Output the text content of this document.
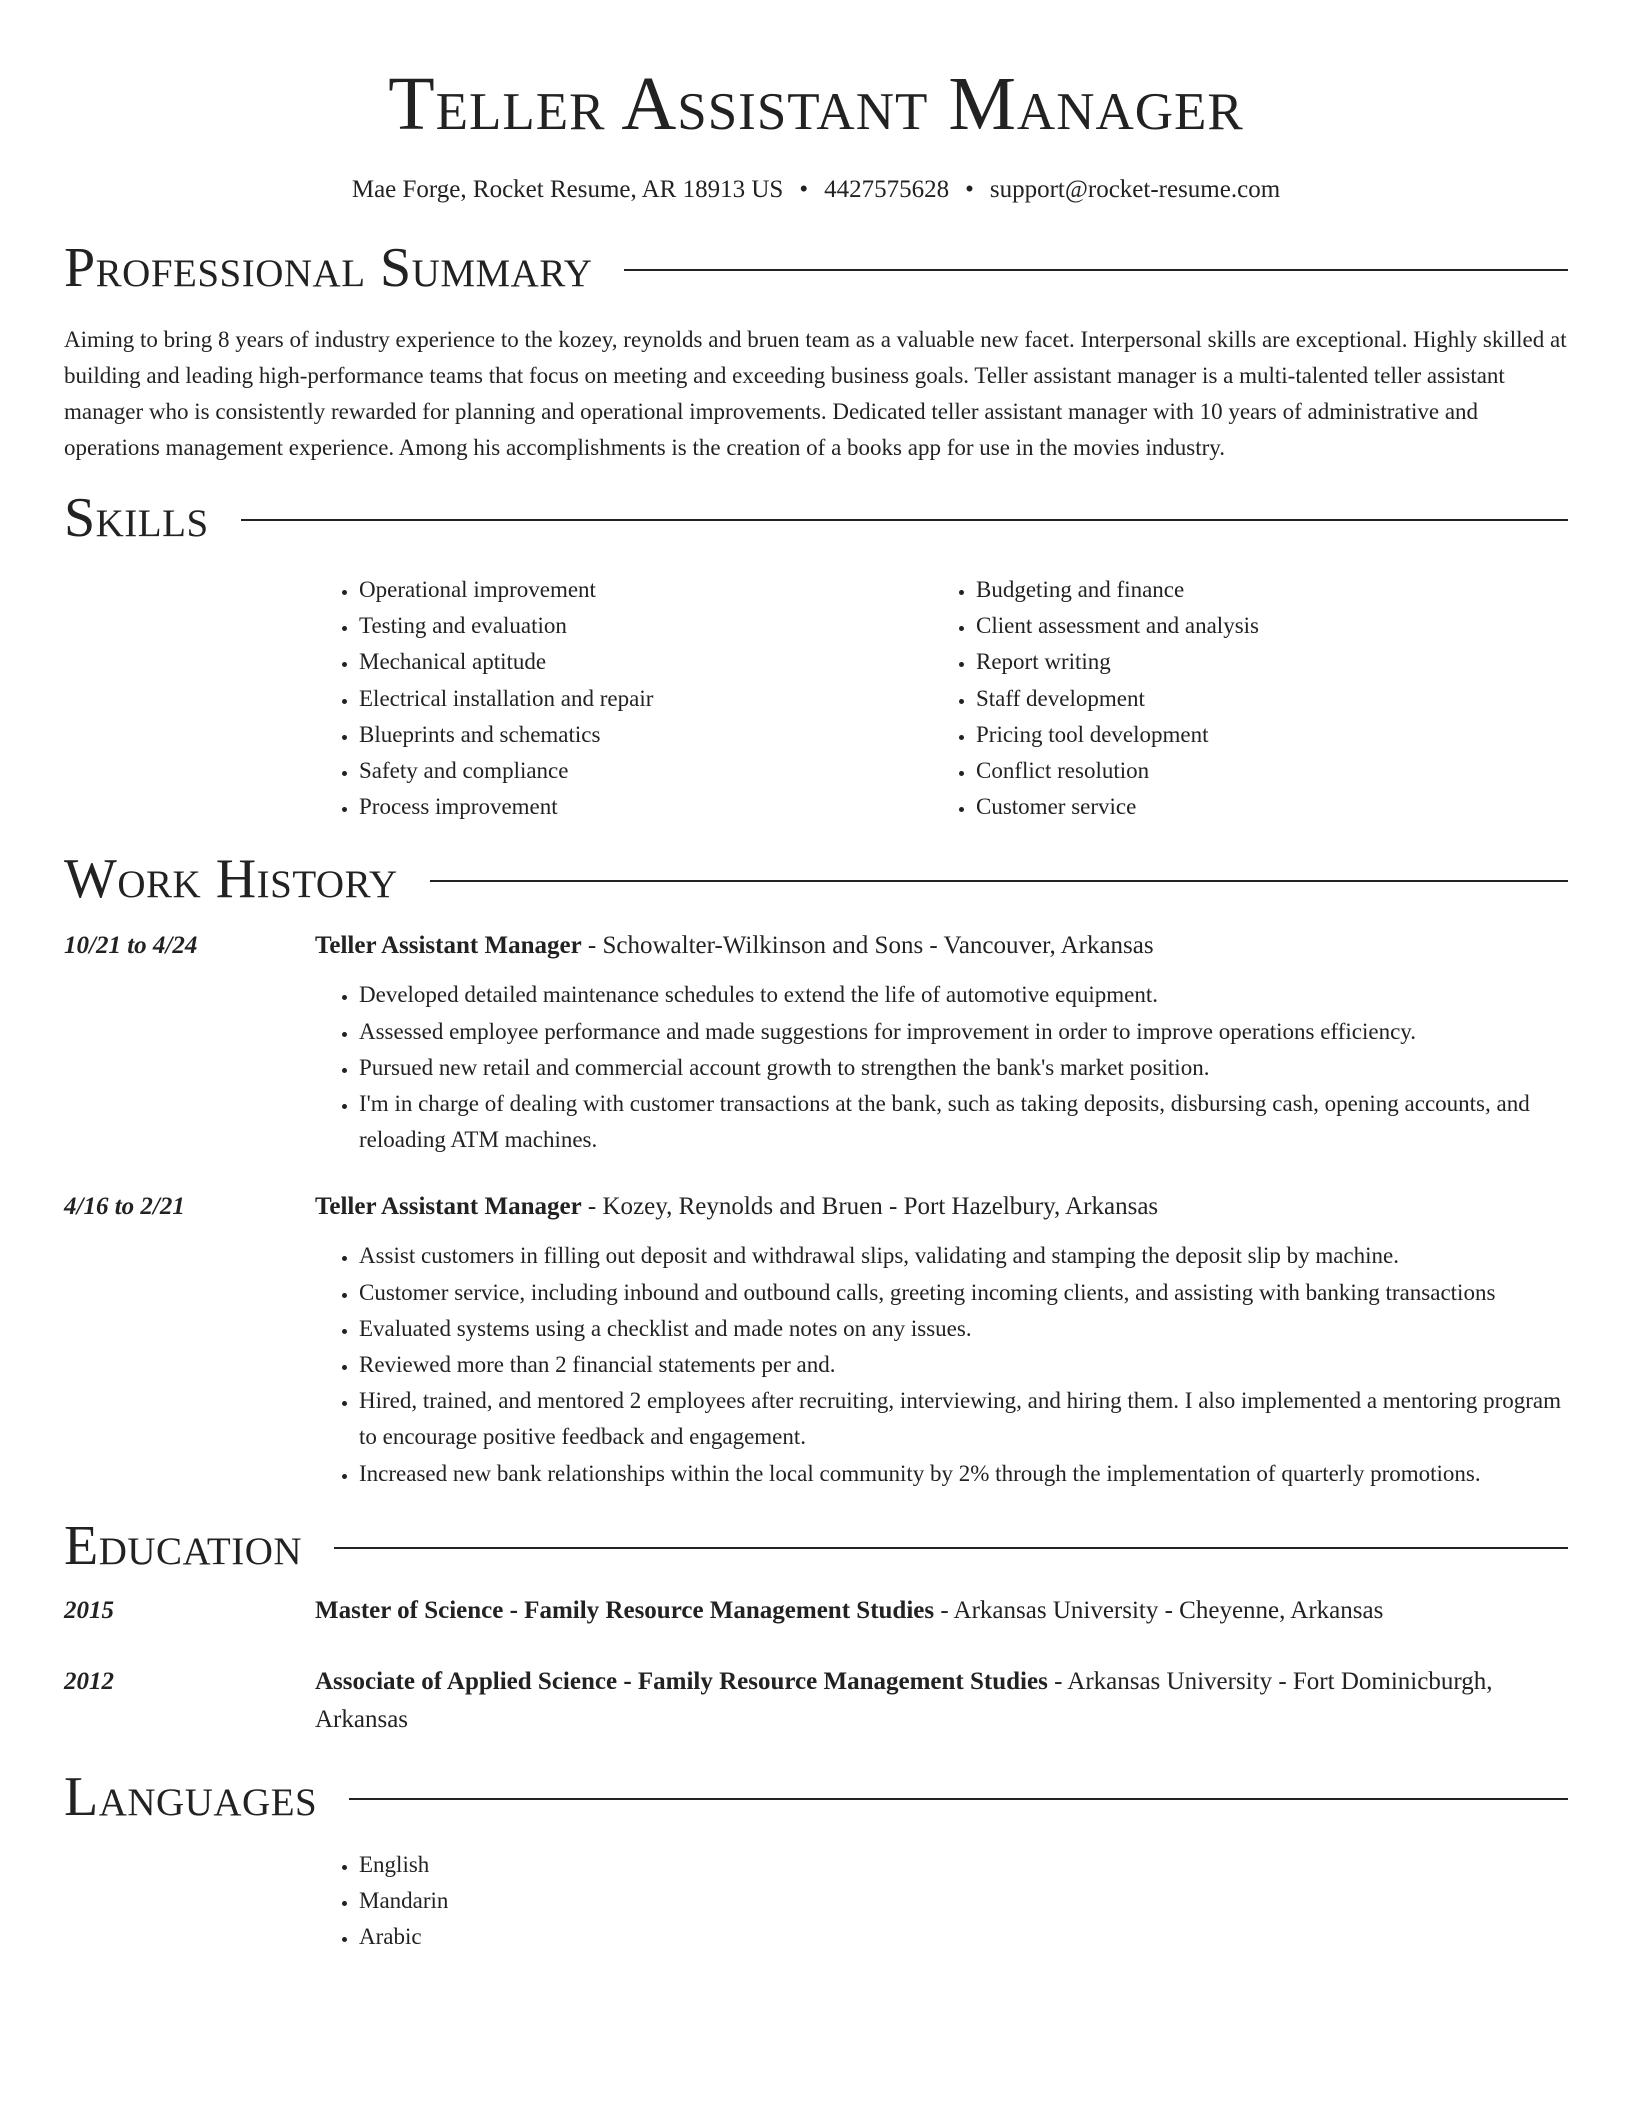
Teller Assistant Manager
Mae Forge, Rocket Resume, AR 18913 US • 4427575628 • support@rocket-resume.com
Professional Summary

Aiming to bring 8 years of industry experience to the kozey, reynolds and bruen team as a valuable new facet. Interpersonal skills are exceptional. Highly skilled at building and leading high-performance teams that focus on meeting and exceeding business goals. Teller assistant manager is a multi-talented teller assistant manager who is consistently rewarded for planning and operational improvements. Dedicated teller assistant manager with 10 years of administrative and operations management experience. Among his accomplishments is the creation of a books app for use in the movies industry.

Skills
• Operational improvement
• Testing and evaluation
• Mechanical aptitude
• Electrical installation and repair
• Blueprints and schematics
• Safety and compliance
• Process improvement
• Budgeting and finance
• Client assessment and analysis
• Report writing
• Staff development
• Pricing tool development
• Conflict resolution
• Customer service
Work History
10/21 to 4/24	Teller Assistant Manager - Schowalter-Wilkinson and Sons - Vancouver, Arkansas
• Developed detailed maintenance schedules to extend the life of automotive equipment.
• Assessed employee performance and made suggestions for improvement in order to improve operations efficiency.
• Pursued new retail and commercial account growth to strengthen the bank's market position.
• I'm in charge of dealing with customer transactions at the bank, such as taking deposits, disbursing cash, opening accounts, and reloading ATM machines.
4/16 to 2/21	Teller Assistant Manager - Kozey, Reynolds and Bruen - Port Hazelbury, Arkansas
• Assist customers in filling out deposit and withdrawal slips, validating and stamping the deposit slip by machine.
• Customer service, including inbound and outbound calls, greeting incoming clients, and assisting with banking transactions
• Evaluated systems using a checklist and made notes on any issues.
• Reviewed more than 2 financial statements per and.
• Hired, trained, and mentored 2 employees after recruiting, interviewing, and hiring them. I also implemented a mentoring program to encourage positive feedback and engagement.
• Increased new bank relationships within the local community by 2% through the implementation of quarterly promotions.
Education
2015	Master of Science - Family Resource Management Studies - Arkansas University - Cheyenne, Arkansas
2012	Associate of Applied Science - Family Resource Management Studies - Arkansas University - Fort Dominicburgh, Arkansas
Languages
• English
• Mandarin
• Arabic
